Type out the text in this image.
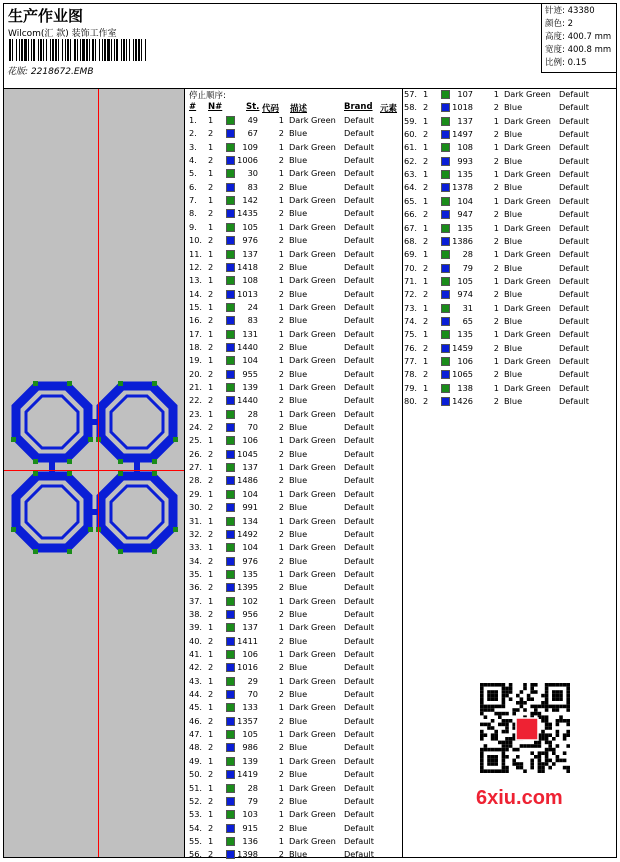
生产作业图
Wilcom(汇 款) 装饰工作室
花版: 2218672.EMB
针迹: 43380
颜色: 2
高度: 400.7 mm
宽度: 400.8 mm
比例: 0.15
停止顺序:
# N#	St. 代码 描述	Brand 元素
1. 1	49	1 Dark Green Default
2. 2	67	2 Blue	Default
3. 1	109	1 Dark Green Default
4. 2	1006	2 Blue	Default
5. 1	30	1 Dark Green Default
6. 2	83	2 Blue	Default
7. 1	142	1 Dark Green Default
8. 2	1435	2 Blue	Default
9. 1	105	1 Dark Green Default
10. 2	976	2 Blue	Default
11. 1	137	1 Dark Green Default
12. 2	1418	2 Blue	Default
13. 1	108	1 Dark Green Default
14. 2	1013	2 Blue	Default
15. 1	24	1 Dark Green Default
16. 2	83	2 Blue	Default
17. 1	131	1 Dark Green Default
18. 2	1440	2 Blue	Default
19. 1	104	1 Dark Green Default
20. 2	955	2 Blue	Default
21. 1	139	1 Dark Green Default
22. 2	1440	2 Blue	Default
23. 1	28	1 Dark Green Default
24. 2	70	2 Blue	Default
25. 1	106	1 Dark Green Default
26. 2	1045	2 Blue	Default
27. 1	137	1 Dark Green Default
28. 2	1486	2 Blue	Default
29. 1	104	1 Dark Green Default
30. 2	991	2 Blue	Default
31. 1	134	1 Dark Green Default
32. 2	1492	2 Blue	Default
33. 1	104	1 Dark Green Default
34. 2	976	2 Blue	Default
35. 1	135	1 Dark Green Default
36. 2	1395	2 Blue	Default
37. 1	102	1 Dark Green Default
38. 2	956	2 Blue	Default
39. 1	137	1 Dark Green Default
40. 2	1411	2 Blue	Default
41. 1	106	1 Dark Green Default
42. 2	1016	2 Blue	Default
43. 1	29	1 Dark Green Default
44. 2	70	2 Blue	Default
45. 1	133	1 Dark Green Default
46. 2	1357	2 Blue	Default
47. 1	105	1 Dark Green Default
48. 2	986	2 Blue	Default
49. 1	139	1 Dark Green Default
50. 2	1419	2 Blue	Default
51. 1	28	1 Dark Green Default
52. 2	79	2 Blue	Default
53. 1	103	1 Dark Green Default
54. 2	915	2 Blue	Default
55. 1	136	1 Dark Green Default
56. 2	1398	2 Blue	Default
57. 1	107	1 Dark Green Default
58. 2	1018	2 Blue	Default
59. 1	137	1 Dark Green Default
60. 2	1497	2 Blue	Default
61. 1	108	1 Dark Green Default
62. 2	993	2 Blue	Default
63. 1	135	1 Dark Green Default
64. 2	1378	2 Blue	Default
65. 1	104	1 Dark Green Default
66. 2	947	2 Blue	Default
67. 1	135	1 Dark Green Default
68. 2	1386	2 Blue	Default
69. 1	28	1 Dark Green Default
70. 2	79	2 Blue	Default
71. 1	105	1 Dark Green Default
72. 2	974	2 Blue	Default
73. 1	31	1 Dark Green Default
74. 2	65	2 Blue	Default
75. 1	135	1 Dark Green Default
76. 2	1459	2 Blue	Default
77. 1	106	1 Dark Green Default
78. 2	1065	2 Blue	Default
79. 1	138	1 Dark Green Default
80. 2	1426	2 Blue	Default
6xiu.com
